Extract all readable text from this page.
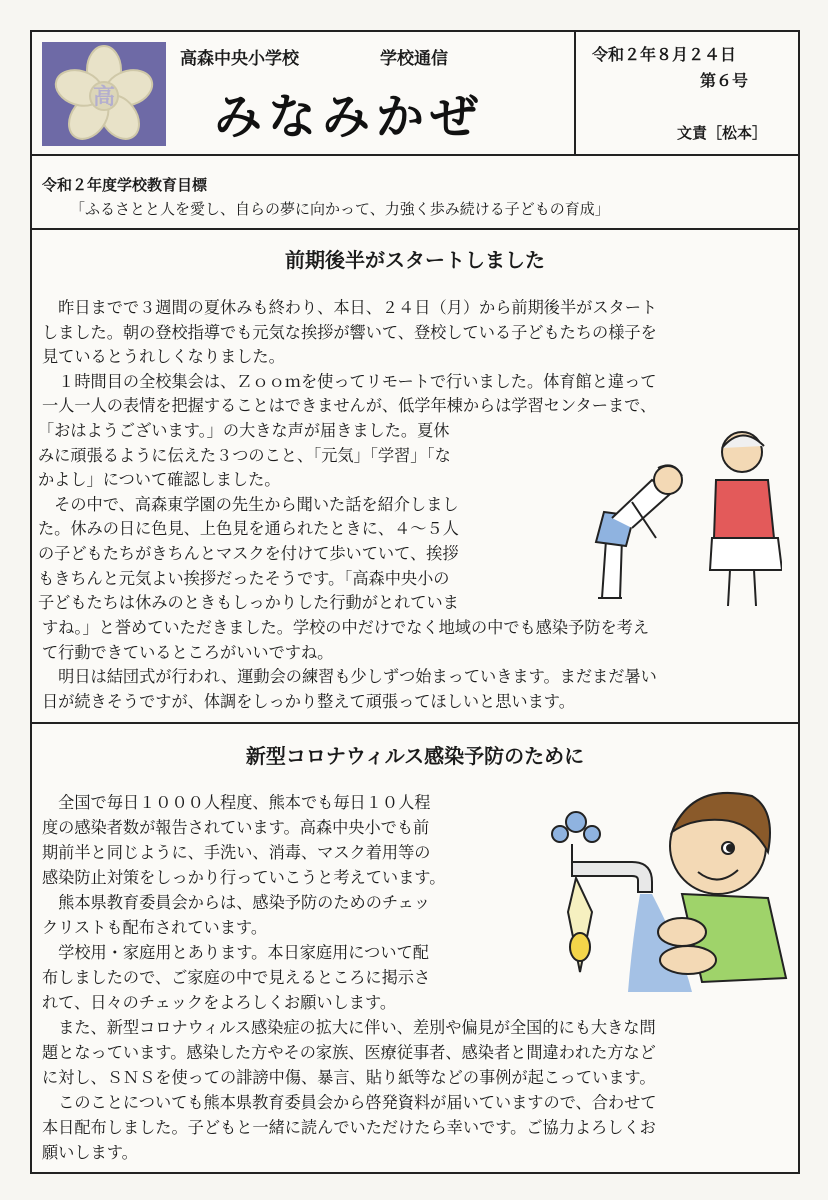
高
高森中央小学校	学校通信
みなみかぜ
令和２年８月２４日
第６号
文責［松本］
令和２年度学校教育目標
「ふるさとと人を愛し、自らの夢に向かって、力強く歩み続ける子どもの育成」
前期後半がスタートしました
　昨日までで３週間の夏休みも終わり、本日、２４日（月）から前期後半がスタート
しました。朝の登校指導でも元気な挨拶が響いて、登校している子どもたちの様子を
見ているとうれしくなりました。
　１時間目の全校集会は、Ｚｏｏｍを使ってリモートで行いました。体育館と違って
一人一人の表情を把握することはできませんが、低学年棟からは学習センターまで、
「おはようございます。」の大きな声が届きました。夏休
みに頑張るように伝えた３つのこと、「元気」「学習」「な
かよし」について確認しました。
　その中で、高森東学園の先生から聞いた話を紹介しまし
た。休みの日に色見、上色見を通られたときに、４～５人
の子どもたちがきちんとマスクを付けて歩いていて、挨拶
もきちんと元気よい挨拶だったそうです。「高森中央小の
子どもたちは休みのときもしっかりした行動がとれていま
すね。」と誉めていただきました。学校の中だけでなく地域の中でも感染予防を考え
て行動できているところがいいですね。
　明日は結団式が行われ、運動会の練習も少しずつ始まっていきます。まだまだ暑い
日が続きそうですが、体調をしっかり整えて頑張ってほしいと思います。
新型コロナウィルス感染予防のために
　全国で毎日１０００人程度、熊本でも毎日１０人程
度の感染者数が報告されています。高森中央小でも前
期前半と同じように、手洗い、消毒、マスク着用等の
感染防止対策をしっかり行っていこうと考えています。
　熊本県教育委員会からは、感染予防のためのチェッ
クリストも配布されています。
　学校用・家庭用とあります。本日家庭用について配
布しましたので、ご家庭の中で見えるところに掲示さ
れて、日々のチェックをよろしくお願いします。
　また、新型コロナウィルス感染症の拡大に伴い、差別や偏見が全国的にも大きな問
題となっています。感染した方やその家族、医療従事者、感染者と間違われた方など
に対し、ＳＮＳを使っての誹謗中傷、暴言、貼り紙等などの事例が起こっています。
　このことについても熊本県教育委員会から啓発資料が届いていますので、合わせて
本日配布しました。子どもと一緒に読んでいただけたら幸いです。ご協力よろしくお
願いします。
